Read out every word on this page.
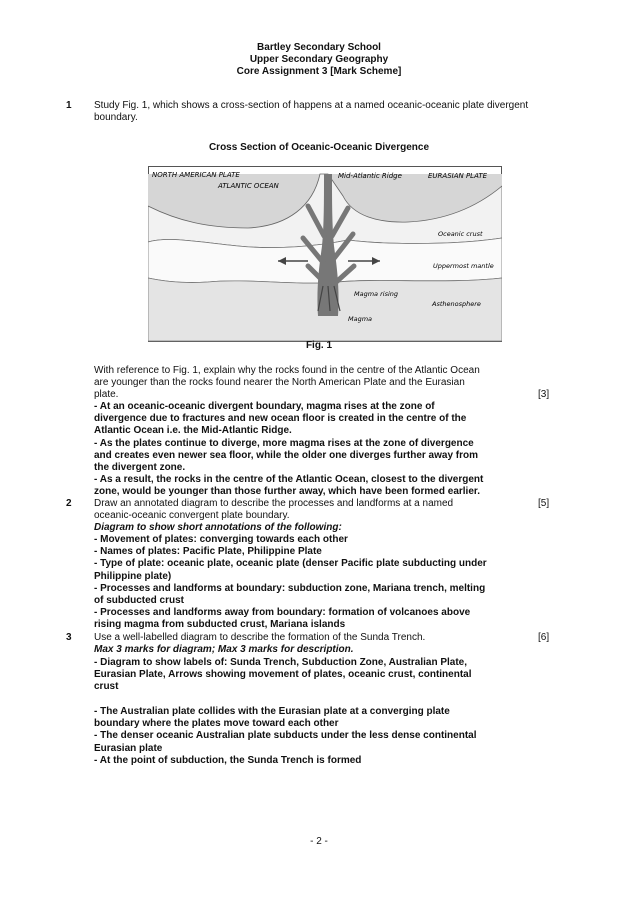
Bartley Secondary School
Upper Secondary Geography
Core Assignment 3 [Mark Scheme]
1 Study Fig. 1, which shows a cross-section of happens at a named oceanic-oceanic plate divergent
boundary.
Cross Section of Oceanic-Oceanic Divergence
NORTH AMERICAN PLATE
ATLANTIC OCEAN
Mid-Atlantic Ridge	EURASIAN PLATE
Oceanic crust
Uppermost mantle
Magma rising
Asthenosphere
Magma
Fig. 1
With reference to Fig. 1, explain why the rocks found in the centre of the Atlantic Ocean
are younger than the rocks found nearer the North American Plate and the Eurasian
plate.	[3]
- At an oceanic-oceanic divergent boundary, magma rises at the zone of
divergence due to fractures and new ocean floor is created in the centre of the
Atlantic Ocean i.e. the Mid-Atlantic Ridge.
- As the plates continue to diverge, more magma rises at the zone of divergence
and creates even newer sea floor, while the older one diverges further away from
the divergent zone.
- As a result, the rocks in the centre of the Atlantic Ocean, closest to the divergent
zone, would be younger than those further away, which have been formed earlier.
2 Draw an annotated diagram to describe the processes and landforms at a named
oceanic-oceanic convergent plate boundary.
[5]
Diagram to show short annotations of the following:
- Movement of plates: converging towards each other
- Names of plates: Pacific Plate, Philippine Plate
- Type of plate: oceanic plate, oceanic plate (denser Pacific plate subducting under
Philippine plate)
- Processes and landforms at boundary: subduction zone, Mariana trench, melting
of subducted crust
- Processes and landforms away from boundary: formation of volcanoes above
rising magma from subducted crust, Mariana islands
3 Use a well-labelled diagram to describe the formation of the Sunda Trench.	[6]
Max 3 marks for diagram; Max 3 marks for description.
- Diagram to show labels of: Sunda Trench, Subduction Zone, Australian Plate,
Eurasian Plate, Arrows showing movement of plates, oceanic crust, continental
crust
- The Australian plate collides with the Eurasian plate at a converging plate
boundary where the plates move toward each other
- The denser oceanic Australian plate subducts under the less dense continental
Eurasian plate
- At the point of subduction, the Sunda Trench is formed
- 2 -
